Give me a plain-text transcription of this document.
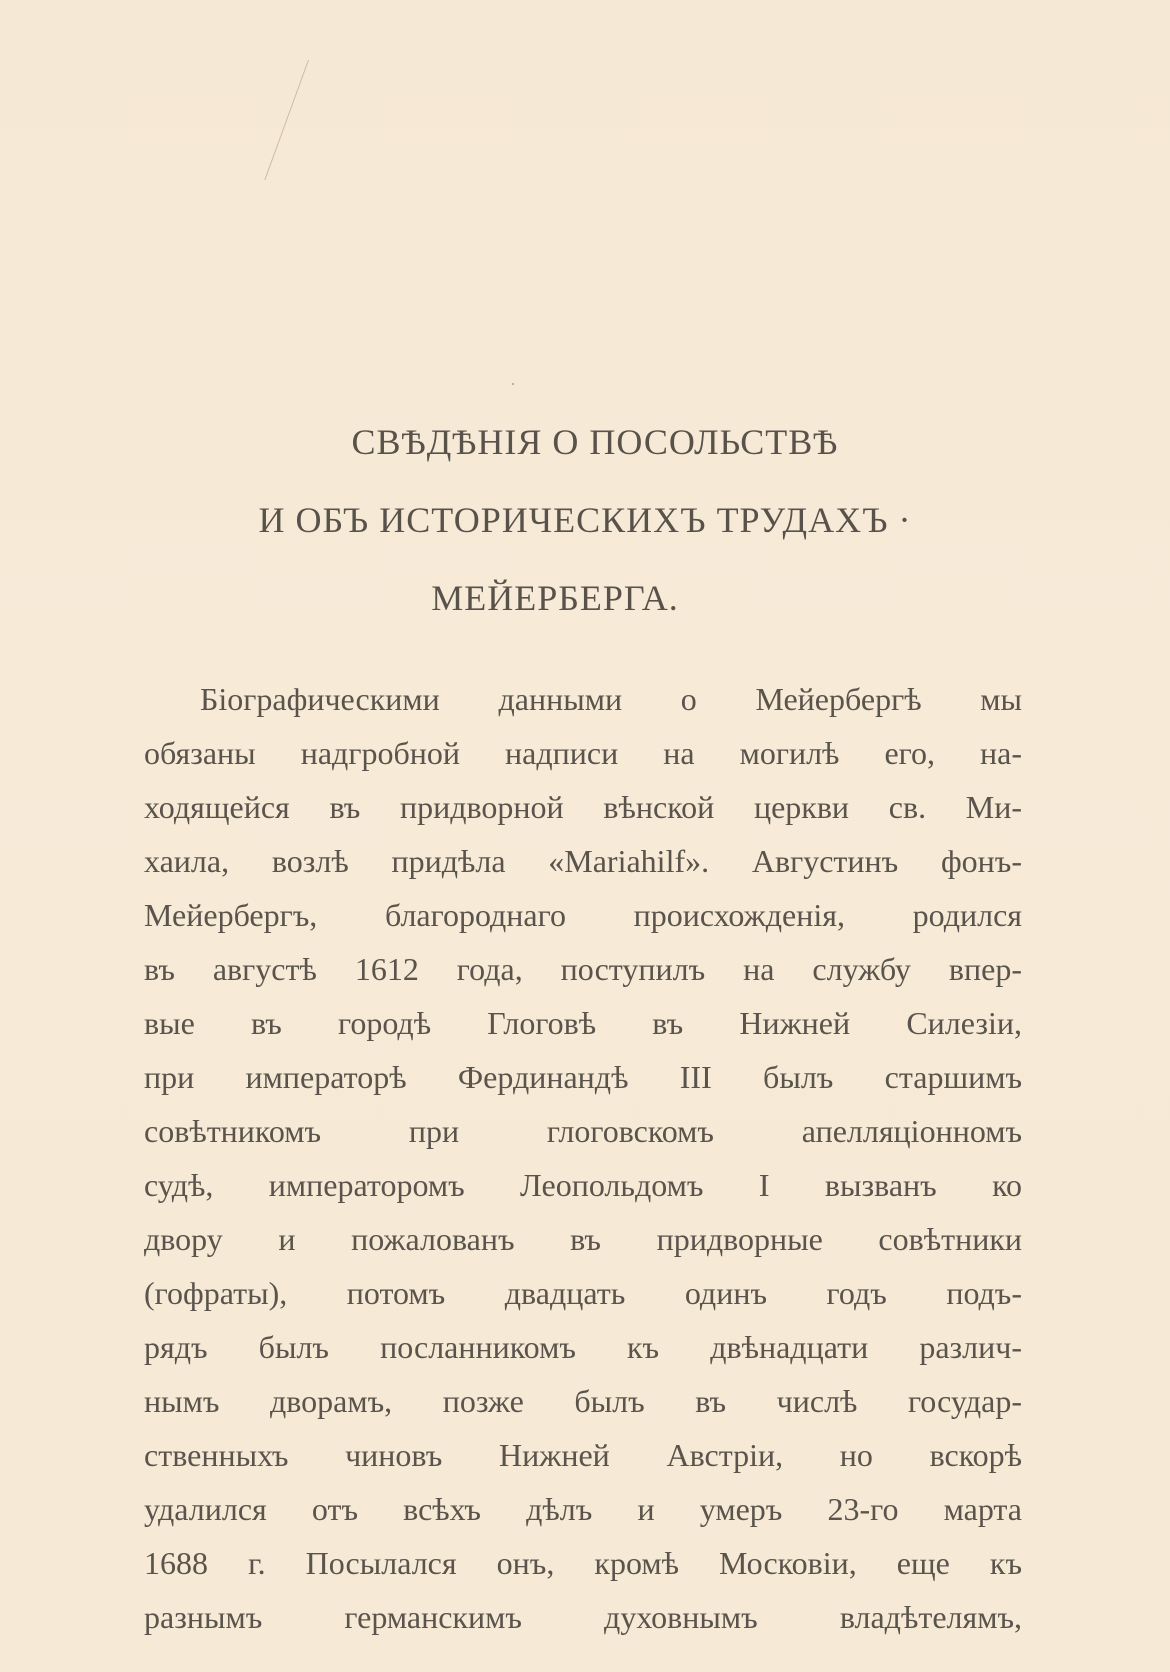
СВѢДѢНІЯ О ПОСОЛЬСТВѢ
И ОБЪ ИСТОРИЧЕСКИХЪ ТРУДАХЪ ·
МЕЙЕРБЕРГА.
Біографическими данными о Мейербергѣ мы
обязаны надгробной надписи на могилѣ его, на-
ходящейся въ придворной вѣнской церкви св. Ми-
хаила, возлѣ придѣла «Mariahilf». Августинъ фонъ-
Мейербергъ, благороднаго происхожденія, родился
въ августѣ 1612 года, поступилъ на службу впер-
вые въ городѣ Глоговѣ въ Нижней Силезіи,
при императорѣ Фердинандѣ III былъ старшимъ
совѣтникомъ при глоговскомъ апелляціонномъ
судѣ, императоромъ Леопольдомъ I вызванъ ко
двору и пожалованъ въ придворные совѣтники
(гофраты), потомъ двадцать одинъ годъ подъ-
рядъ былъ посланникомъ къ двѣнадцати различ-
нымъ дворамъ, позже былъ въ числѣ государ-
ственныхъ чиновъ Нижней Австріи, но вскорѣ
удалился отъ всѣхъ дѣлъ и умеръ 23-го марта
1688 г. Посылался онъ, кромѣ Московіи, еще къ
разнымъ германскимъ духовнымъ владѣтелямъ,
